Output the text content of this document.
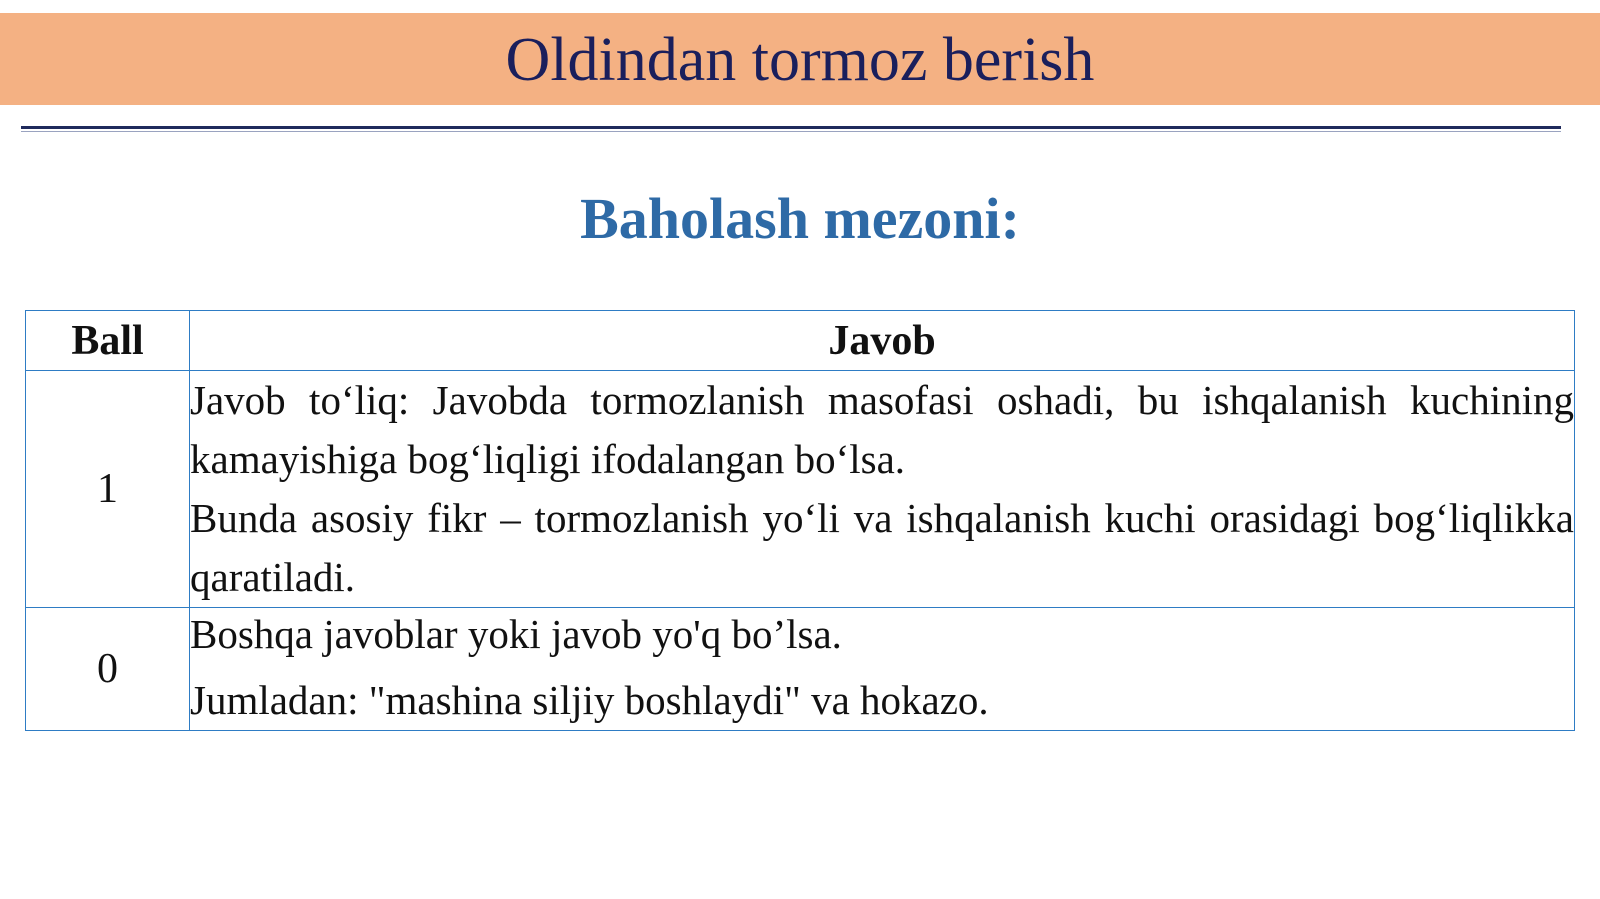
Oldindan tormoz berish
Baholash mezoni:
Ball	Javob
1	Javob to‘liq: Javobda tormozlanish masofasi oshadi, bu ishqalanish kuchining kamayishiga bog‘liqligi ifodalangan bo‘lsa.

Bunda asosiy fikr – tormozlanish yo‘li va ishqalanish kuchi orasidagi bog‘liqlikka qaratiladi.

0	Boshqa javoblar yoki javob yo'q bo’lsa.

Jumladan: "mashina siljiy boshlaydi" va hokazo.
